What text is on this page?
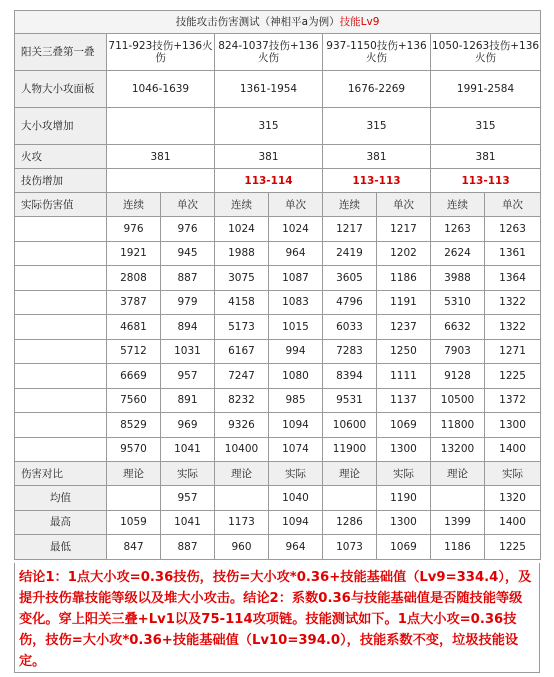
技能攻击伤害测试（神相平a为例）技能Lv9								
阳关三叠第一叠	711-923技伤+136火伤		824-1037技伤+136火伤		937-1150技伤+136火伤		1050-1263技伤+136火伤	
人物大小攻面板	1046-1639		1361-1954		1676-2269		1991-2584	
大小攻增加			315		315		315	
火攻	381		381		381		381	
技伤增加			113-114		113-113		113-113	
实际伤害值	连续	单次	连续	单次	连续	单次	连续	单次
	976	976	1024	1024	1217	1217	1263	1263
	1921	945	1988	964	2419	1202	2624	1361
	2808	887	3075	1087	3605	1186	3988	1364
	3787	979	4158	1083	4796	1191	5310	1322
	4681	894	5173	1015	6033	1237	6632	1322
	5712	1031	6167	994	7283	1250	7903	1271
	6669	957	7247	1080	8394	1111	9128	1225
	7560	891	8232	985	9531	1137	10500	1372
	8529	969	9326	1094	10600	1069	11800	1300
	9570	1041	10400	1074	11900	1300	13200	1400
伤害对比	理论	实际	理论	实际	理论	实际	理论	实际
均值		957		1040		1190		1320
最高	1059	1041	1173	1094	1286	1300	1399	1400
最低	847	887	960	964	1073	1069	1186	1225
结论1：1点大小攻=0.36技伤，技伤=大小攻*0.36+技能基础值（Lv9=334.4），及提升技伤靠技能等级以及堆大小攻击。结论2：系数0.36与技能基础值是否随技能等级变化。穿上阳关三叠+Lv1以及75-114攻项链。技能测试如下。1点大小攻=0.36技伤，技伤=大小攻*0.36+技能基础值（Lv10=394.0），技能系数不变，垃圾技能设定。
